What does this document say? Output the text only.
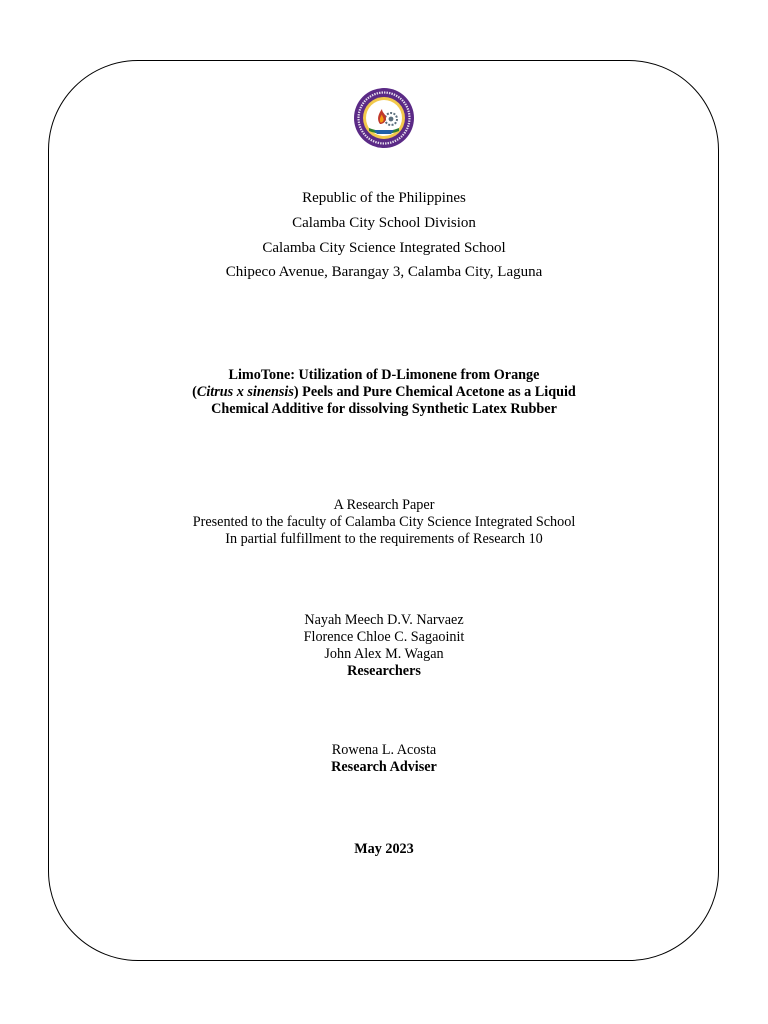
Republic of the Philippines
Calamba City School Division
Calamba City Science Integrated School
Chipeco Avenue, Barangay 3, Calamba City, Laguna
LimoTone: Utilization of D-Limonene from Orange
(Citrus x sinensis) Peels and Pure Chemical Acetone as a Liquid
Chemical Additive for dissolving Synthetic Latex Rubber
A Research Paper
Presented to the faculty of Calamba City Science Integrated School
In partial fulfillment to the requirements of Research 10
Nayah Meech D.V. Narvaez
Florence Chloe C. Sagaoinit
John Alex M. Wagan
Researchers
Rowena L. Acosta
Research Adviser
May 2023
